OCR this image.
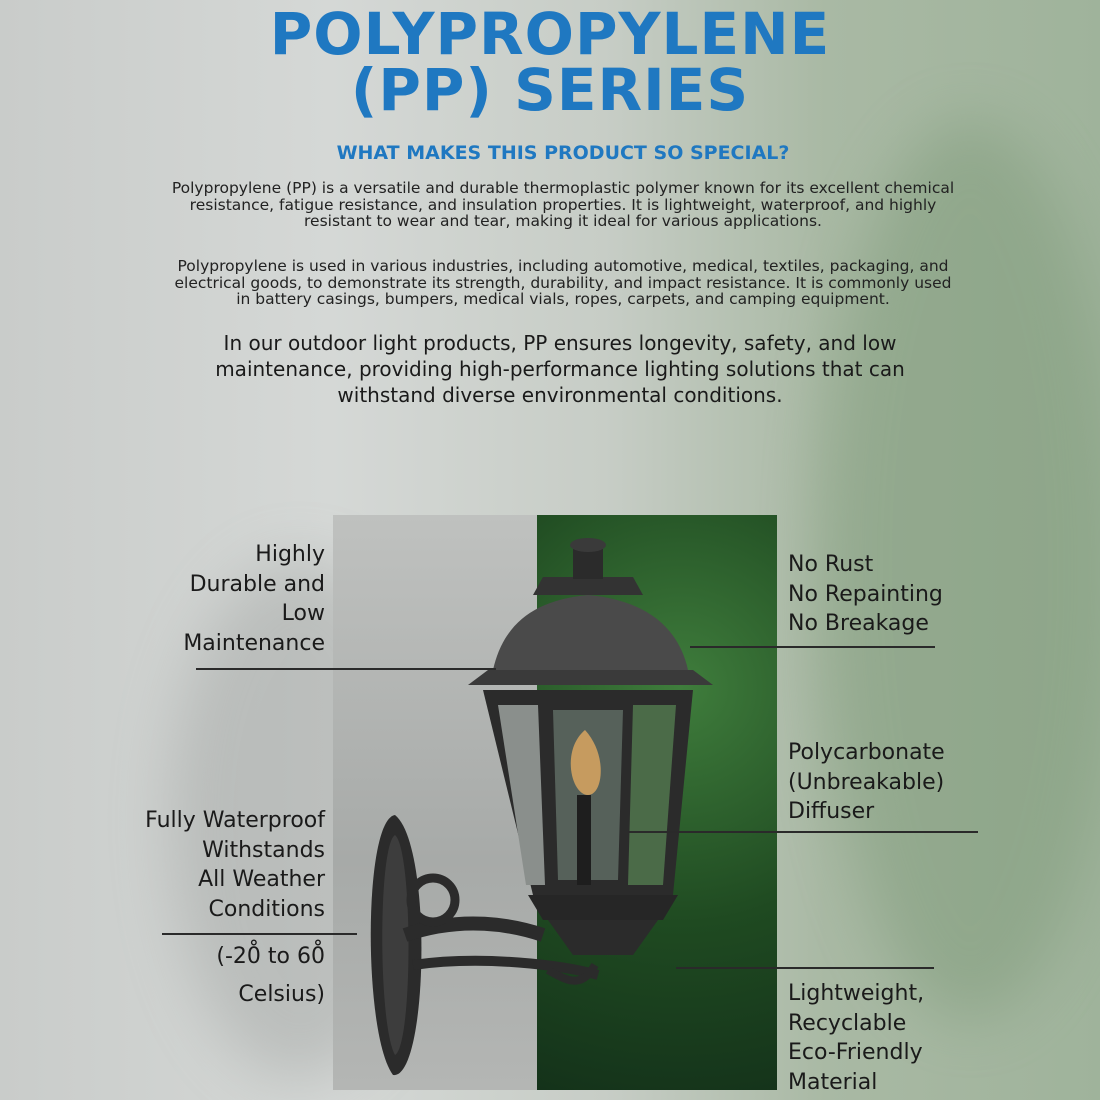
POLYPROPYLENE
(PP) SERIES
WHAT MAKES THIS PRODUCT SO SPECIAL?

Polypropylene (PP) is a versatile and durable thermoplastic polymer known for its excellent chemical resistance, fatigue resistance, and insulation properties. It is lightweight, waterproof, and highly resistant to wear and tear, making it ideal for various applications.

Polypropylene is used in various industries, including automotive, medical, textiles, packaging, and electrical goods, to demonstrate its strength, durability, and impact resistance. It is commonly used in battery casings, bumpers, medical vials, ropes, carpets, and camping equipment.

In our outdoor light products, PP ensures longevity, safety, and low maintenance, providing high-performance lighting solutions that can withstand diverse environmental conditions.

Highly
Durable and
Low
Maintenance

Fully Waterproof
Withstands
All Weather
Conditions

(-20̊ to 60̊
Celsius)

No Rust
No Repainting
No Breakage

Polycarbonate
(Unbreakable)
Diffuser

Lightweight,
Recyclable
Eco-Friendly
Material
